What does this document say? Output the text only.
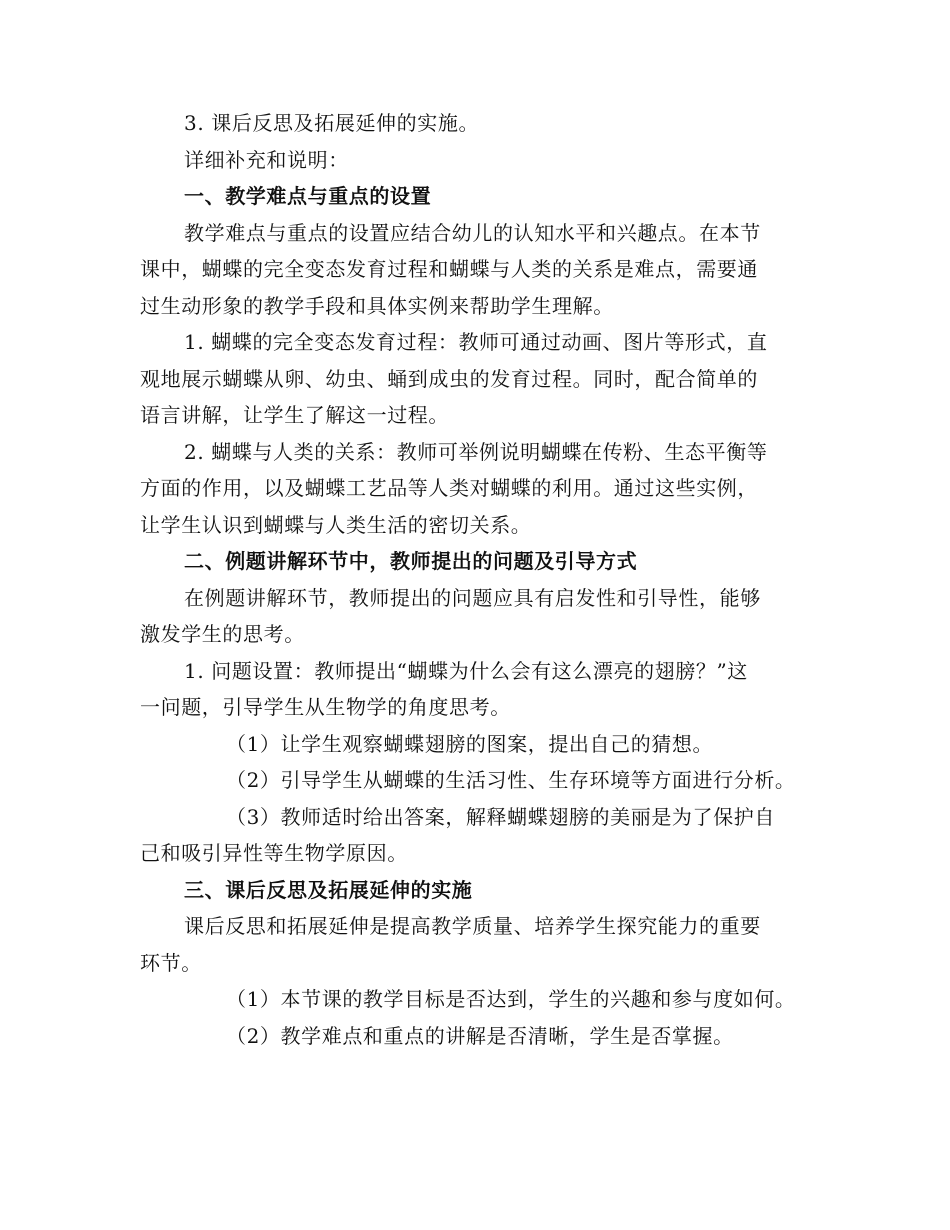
3. 课后反思及拓展延伸的实施。
详细补充和说明：
一、教学难点与重点的设置
教学难点与重点的设置应结合幼儿的认知水平和兴趣点。在本节
课中，蝴蝶的完全变态发育过程和蝴蝶与人类的关系是难点，需要通
过生动形象的教学手段和具体实例来帮助学生理解。
1. 蝴蝶的完全变态发育过程：教师可通过动画、图片等形式，直
观地展示蝴蝶从卵、幼虫、蛹到成虫的发育过程。同时，配合简单的
语言讲解，让学生了解这一过程。
2. 蝴蝶与人类的关系：教师可举例说明蝴蝶在传粉、生态平衡等
方面的作用，以及蝴蝶工艺品等人类对蝴蝶的利用。通过这些实例，
让学生认识到蝴蝶与人类生活的密切关系。
二、例题讲解环节中，教师提出的问题及引导方式
在例题讲解环节，教师提出的问题应具有启发性和引导性，能够
激发学生的思考。
1. 问题设置：教师提出“蝴蝶为什么会有这么漂亮的翅膀？”这
一问题，引导学生从生物学的角度思考。
（1）让学生观察蝴蝶翅膀的图案，提出自己的猜想。
（2）引导学生从蝴蝶的生活习性、生存环境等方面进行分析。
（3）教师适时给出答案，解释蝴蝶翅膀的美丽是为了保护自
己和吸引异性等生物学原因。
三、课后反思及拓展延伸的实施
课后反思和拓展延伸是提高教学质量、培养学生探究能力的重要
环节。
（1）本节课的教学目标是否达到，学生的兴趣和参与度如何。
（2）教学难点和重点的讲解是否清晰，学生是否掌握。
